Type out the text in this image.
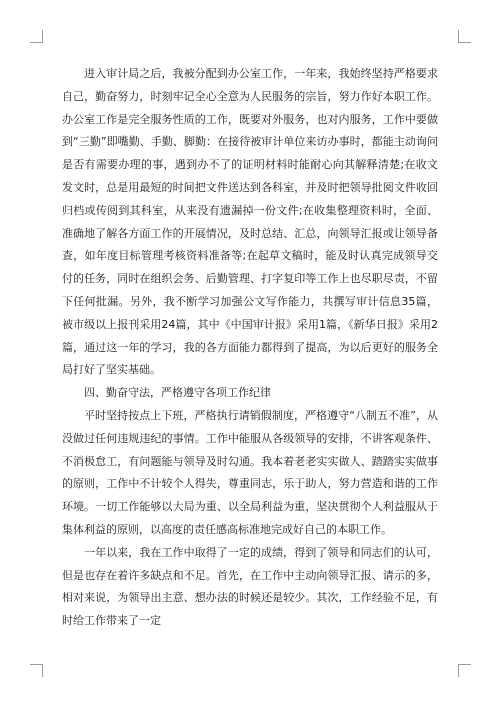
进入审计局之后，我被分配到办公室工作，一年来，我始终坚持严格要求自己，勤奋努力，时刻牢记全心全意为人民服务的宗旨，努力作好本职工作。办公室工作是完全服务性质的工作，既要对外服务，也对内服务，工作中要做到“三勤”即嘴勤、手勤、脚勤：在接待被审计单位来访办事时，都能主动询问是否有需要办理的事，遇到办不了的证明材料时能耐心向其解释清楚;在收文发文时，总是用最短的时间把文件送达到各科室，并及时把领导批阅文件收回归档或传阅到其科室，从来没有遗漏掉一份文件;在收集整理资料时，全面、准确地了解各方面工作的开展情况，及时总结、汇总，向领导汇报或让领导备查，如年度目标管理考核资料准备等;在起草文稿时，能及时认真完成领导交付的任务，同时在组织会务、后勤管理、打字复印等工作上也尽职尽责，不留下任何批漏。另外，我不断学习加强公文写作能力，共撰写审计信息35篇，被市级以上报刊采用24篇，其中《中国审计报》采用1篇，《新华日报》采用2篇，通过这一年的学习，我的各方面能力都得到了提高，为以后更好的服务全局打好了坚实基础。

四、勤奋守法，严格遵守各项工作纪律

平时坚持按点上下班，严格执行请销假制度，严格遵守“八制五不准”，从没做过任何违规违纪的事情。工作中能服从各级领导的安排，不讲客观条件、不消极怠工，有问题能与领导及时勾通。我本着老老实实做人、踏踏实实做事的原则，工作中不计较个人得失，尊重同志，乐于助人，努力营造和谐的工作环境。一切工作能够以大局为重、以全局利益为重，坚决贯彻个人利益服从于集体利益的原则，以高度的责任感高标准地完成好自己的本职工作。

一年以来，我在工作中取得了一定的成绩，得到了领导和同志们的认可，但是也存在着许多缺点和不足。首先，在工作中主动向领导汇报、请示的多，相对来说，为领导出主意、想办法的时候还是较少。其次，工作经验不足，有时给工作带来了一定
